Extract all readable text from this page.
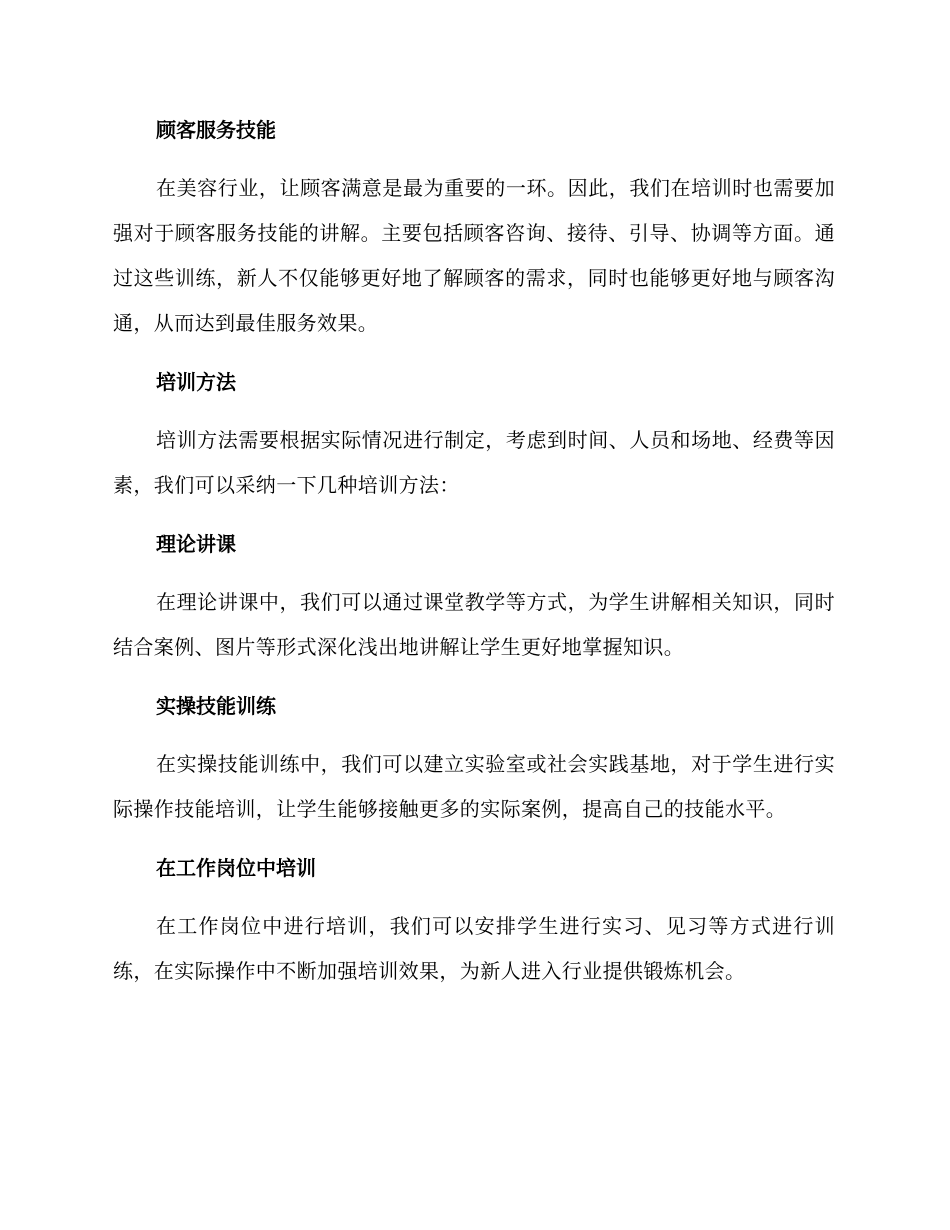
顾客服务技能

在美容行业，让顾客满意是最为重要的一环。因此，我们在培训时也需要加强对于顾客服务技能的讲解。主要包括顾客咨询、接待、引导、协调等方面。通过这些训练，新人不仅能够更好地了解顾客的需求，同时也能够更好地与顾客沟通，从而达到最佳服务效果。

培训方法

培训方法需要根据实际情况进行制定，考虑到时间、人员和场地、经费等因素，我们可以采纳一下几种培训方法：

理论讲课

在理论讲课中，我们可以通过课堂教学等方式，为学生讲解相关知识，同时结合案例、图片等形式深化浅出地讲解让学生更好地掌握知识。

实操技能训练

在实操技能训练中，我们可以建立实验室或社会实践基地，对于学生进行实际操作技能培训，让学生能够接触更多的实际案例，提高自己的技能水平。

在工作岗位中培训

在工作岗位中进行培训，我们可以安排学生进行实习、见习等方式进行训练，在实际操作中不断加强培训效果，为新人进入行业提供锻炼机会。
